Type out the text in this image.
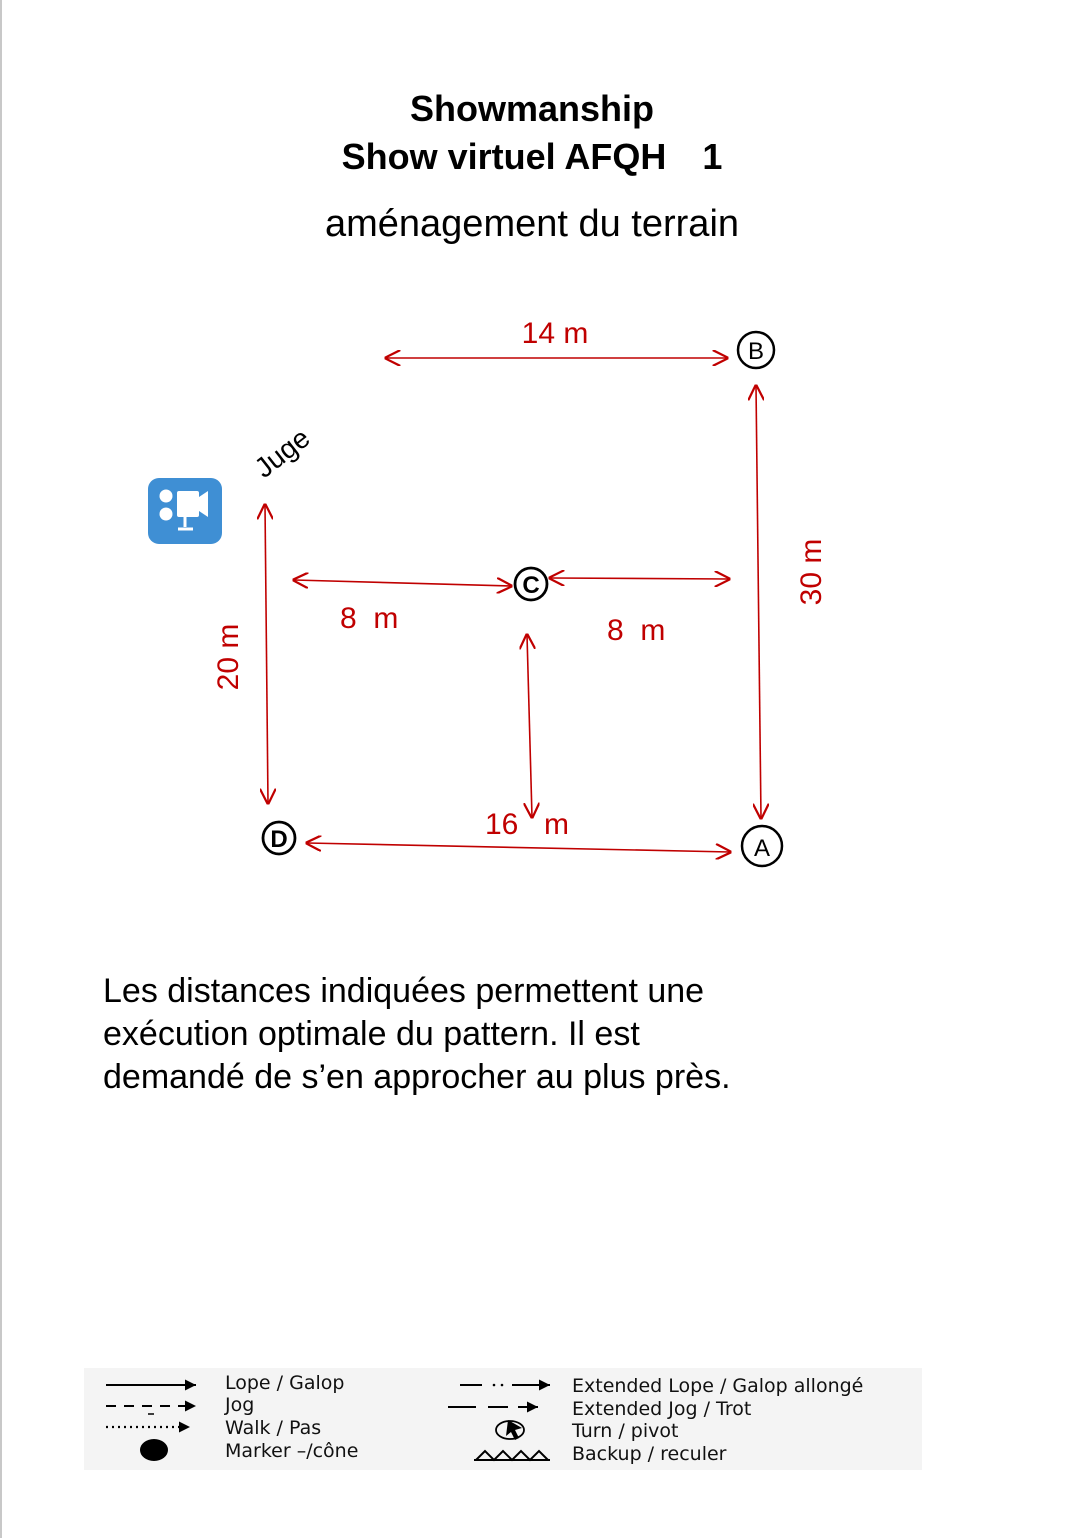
Showmanship
Show virtuel AFQH 1
aménagement du terrain
14 m
30 m
20 m
8  m	8  m
16 m
B
C
D	A
Juge
Les distances indiquées permettent une
exécution optimale du pattern. Il est
demandé de s’en approcher au plus près.
Lope / Galop
Jog
Walk / Pas
Marker –/cône
Extended Lope / Galop allongé
Extended Jog / Trot
Turn / pivot
Backup / reculer
